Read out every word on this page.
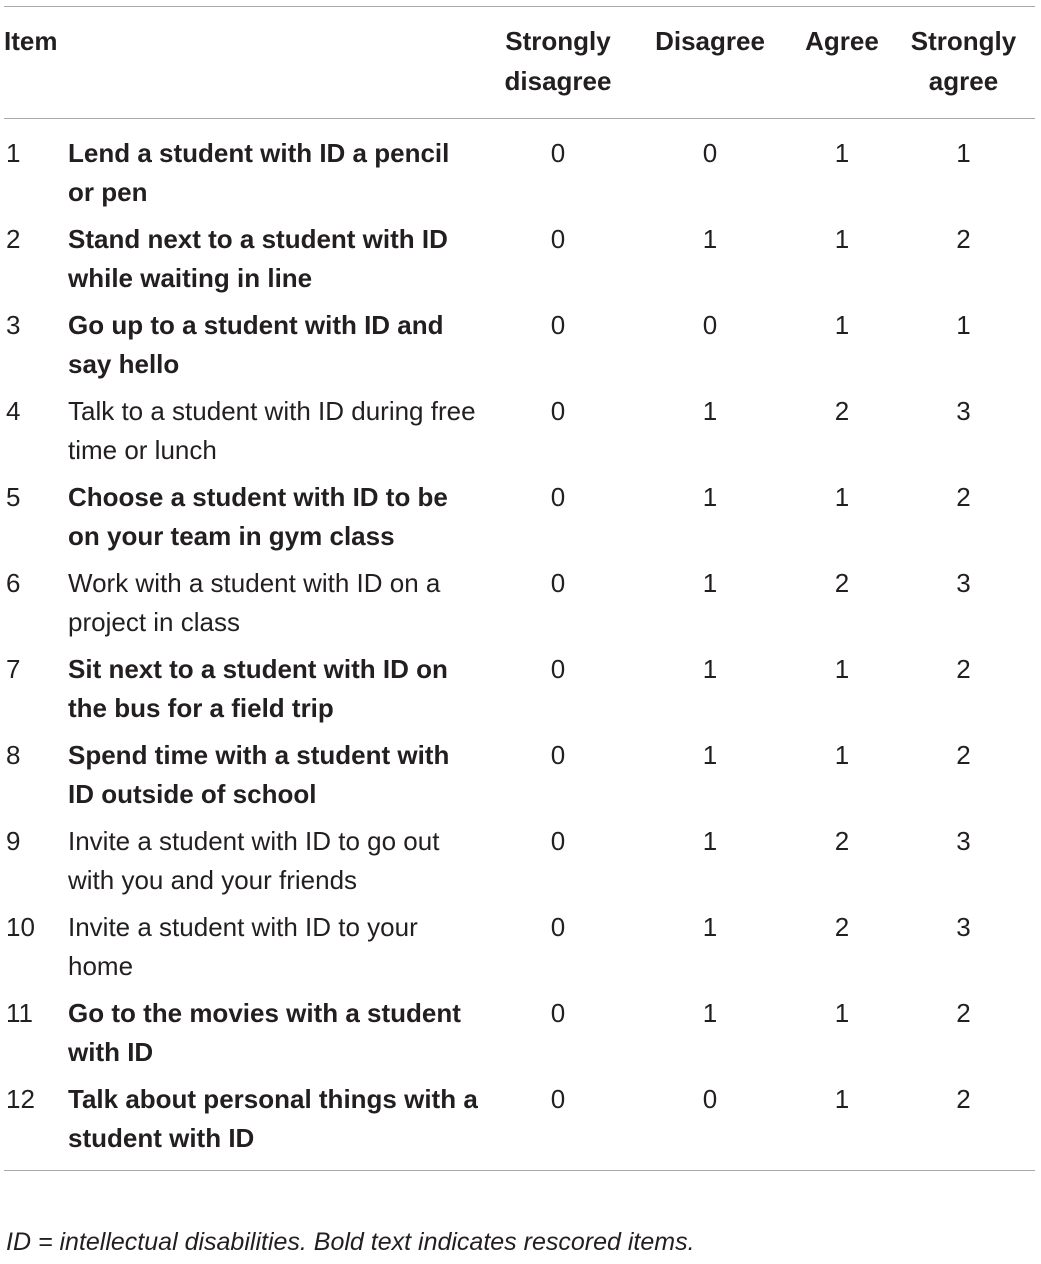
Item		Strongly disagree	Disagree	Agree	Strongly agree
1	Lend a student with ID a pencil or pen	0	0	1	1
2	Stand next to a student with ID while waiting in line	0	1	1	2
3	Go up to a student with ID and say hello	0	0	1	1
4	Talk to a student with ID during free time or lunch	0	1	2	3
5	Choose a student with ID to be on your team in gym class	0	1	1	2
6	Work with a student with ID on a project in class	0	1	2	3
7	Sit next to a student with ID on the bus for a field trip	0	1	1	2
8	Spend time with a student with ID outside of school	0	1	1	2
9	Invite a student with ID to go out with you and your friends	0	1	2	3
10	Invite a student with ID to your home	0	1	2	3
11	Go to the movies with a student with ID	0	1	1	2
12	Talk about personal things with a student with ID	0	0	1	2
ID = intellectual disabilities. Bold text indicates rescored items.
